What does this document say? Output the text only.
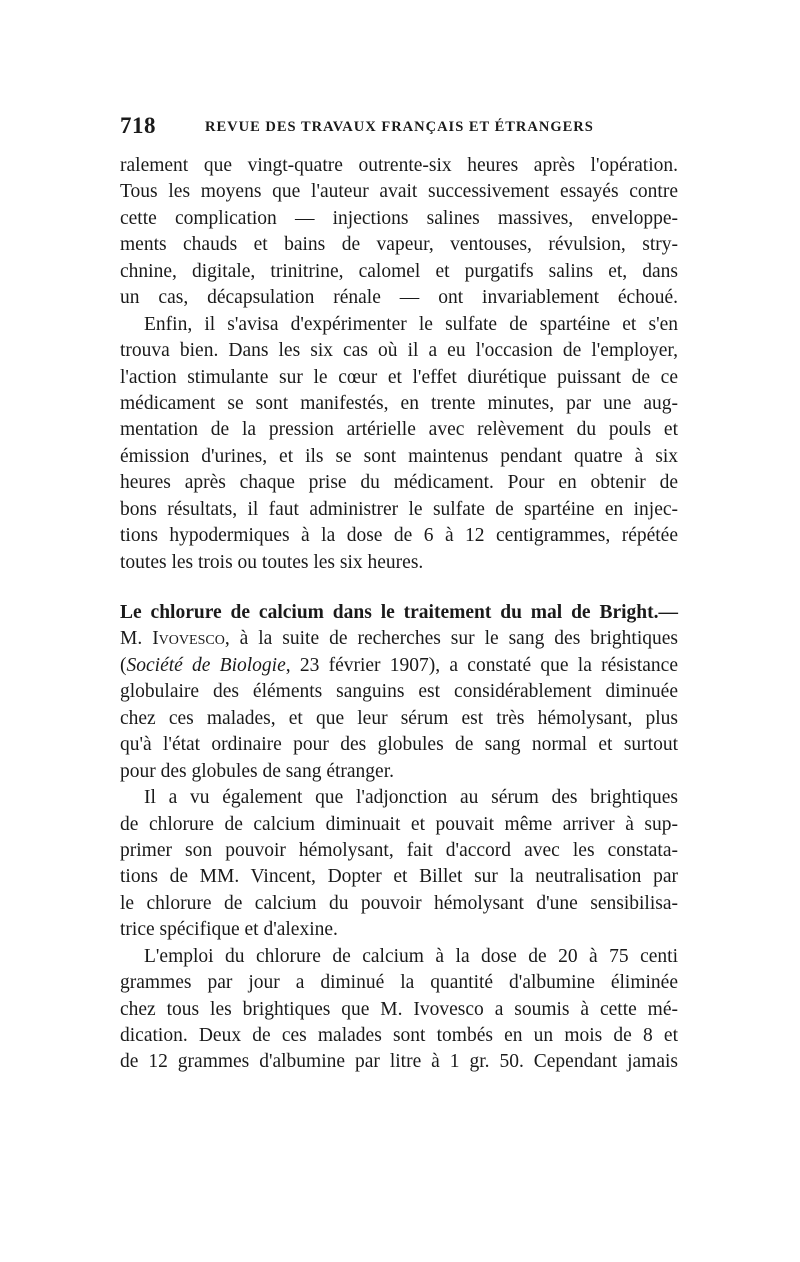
718	REVUE DES TRAVAUX FRANÇAIS ET ÉTRANGERS
ralement que vingt-quatre outrente-six heures après l'opération.
Tous les moyens que l'auteur avait successivement essayés contre
cette complication — injections salines massives, enveloppe-
ments chauds et bains de vapeur, ventouses, révulsion, stry-
chnine, digitale, trinitrine, calomel et purgatifs salins et, dans
un cas, décapsulation rénale — ont invariablement échoué.
Enfin, il s'avisa d'expérimenter le sulfate de spartéine et s'en
trouva bien. Dans les six cas où il a eu l'occasion de l'employer,
l'action stimulante sur le cœur et l'effet diurétique puissant de ce
médicament se sont manifestés, en trente minutes, par une aug-
mentation de la pression artérielle avec relèvement du pouls et
émission d'urines, et ils se sont maintenus pendant quatre à six
heures après chaque prise du médicament. Pour en obtenir de
bons résultats, il faut administrer le sulfate de spartéine en injec-
tions hypodermiques à la dose de 6 à 12 centigrammes, répétée
toutes les trois ou toutes les six heures.
Le chlorure de calcium dans le traitement du mal de Bright.—
M. Ivovesco, à la suite de recherches sur le sang des brightiques
(Société de Biologie, 23 février 1907), a constaté que la résistance
globulaire des éléments sanguins est considérablement diminuée
chez ces malades, et que leur sérum est très hémolysant, plus
qu'à l'état ordinaire pour des globules de sang normal et surtout
pour des globules de sang étranger.
Il a vu également que l'adjonction au sérum des brightiques
de chlorure de calcium diminuait et pouvait même arriver à sup-
primer son pouvoir hémolysant, fait d'accord avec les constata-
tions de MM. Vincent, Dopter et Billet sur la neutralisation par
le chlorure de calcium du pouvoir hémolysant d'une sensibilisa-
trice spécifique et d'alexine.
L'emploi du chlorure de calcium à la dose de 20 à 75 centi
grammes par jour a diminué la quantité d'albumine éliminée
chez tous les brightiques que M. Ivovesco a soumis à cette mé-
dication. Deux de ces malades sont tombés en un mois de 8 et
de 12 grammes d'albumine par litre à 1 gr. 50. Cependant jamais
